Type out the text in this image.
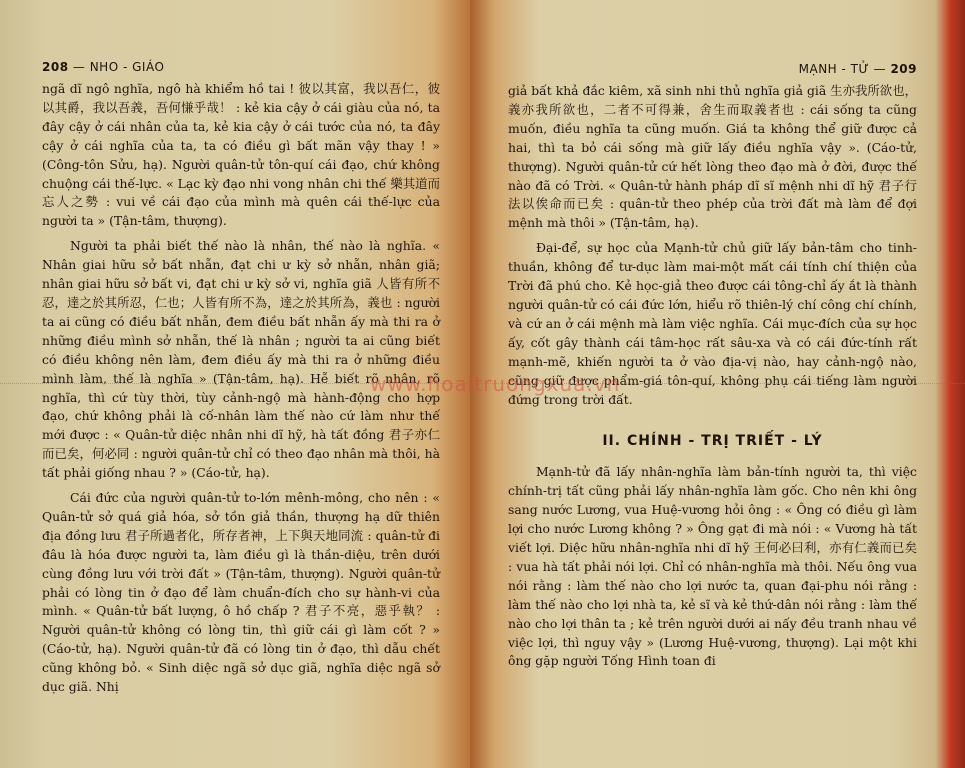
208 — NHO - GIÁO

ngã dĩ ngô nghĩa, ngô hà khiểm hồ tai ! 彼以其富，我以吾仁，彼以其爵，我以吾義，吾何慊乎哉！ : kẻ kia cậy ở cái giàu của nó, ta đây cậy ở cái nhân của ta, kẻ kia cậy ở cái tước của nó, ta đây cậy ở cái nghĩa của ta, ta có điều gì bất mãn vậy thay ! » (Công-tôn Sửu, hạ). Người quân-tử tôn-quí cái đạo, chứ không chuộng cái thế-lực. « Lạc kỳ đạo nhi vong nhân chi thế 樂其道而忘人之勢 : vui về cái đạo của mình mà quên cái thế-lực của người ta » (Tận-tâm, thượng).

Người ta phải biết thế nào là nhân, thế nào là nghĩa. « Nhân giai hữu sở bất nhẫn, đạt chi ư kỳ sở nhẫn, nhân giã; nhân giai hữu sở bất vi, đạt chi ư kỳ sở vi, nghĩa giã 人皆有所不忍，達之於其所忍，仁也；人皆有所不為，達之於其所為，義也 : người ta ai cũng có điều bất nhẫn, đem điều bất nhẫn ấy mà thi ra ở những điều mình sở nhẫn, thế là nhân ; người ta ai cũng biết có điều không nên làm, đem điều ấy mà thi ra ở những điều mình làm, thế là nghĩa » (Tận-tâm, hạ). Hễ biết rõ nhân, rõ nghĩa, thì cứ tùy thời, tùy cảnh-ngộ mà hành-động cho hợp đạo, chứ không phải là cố-nhân làm thế nào cứ làm như thế mới được : « Quân-tử diệc nhân nhi dĩ hỹ, hà tất đồng 君子亦仁而已矣，何必同 : người quân-tử chỉ có theo đạo nhân mà thôi, hà tất phải giống nhau ? » (Cáo-tử, hạ).

Cái đức của người quân-tử to-lớn mênh-mông, cho nên : « Quân-tử sở quá giả hóa, sở tồn giả thần, thượng hạ dữ thiên địa đồng lưu 君子所過者化，所存者神，上下與天地同流 : quân-tử đi đâu là hóa được người ta, làm điều gì là thần-diệu, trên dưới cùng đồng lưu với trời đất » (Tận-tâm, thượng). Người quân-tử phải có lòng tin ở đạo để làm chuẩn-đích cho sự hành-vi của mình. « Quân-tử bất lượng, ô hồ chấp ? 君子不亮，惡乎執？ : Người quân-tử không có lòng tin, thì giữ cái gì làm cốt ? » (Cáo-tử, hạ). Người quân-tử đã có lòng tin ở đạo, thì dẫu chết cũng không bỏ. « Sinh diệc ngã sở dục giã, nghĩa diệc ngã sở dục giã. Nhị

MẠNH - TỬ — 209

giả bất khả đắc kiêm, xã sinh nhi thủ nghĩa giả giã 生亦我所欲也，義亦我所欲也，二者不可得兼，舍生而取義者也 : cái sống ta cũng muốn, điều nghĩa ta cũng muốn. Giá ta không thể giữ được cả hai, thì ta bỏ cái sống mà giữ lấy điều nghĩa vậy ». (Cáo-tử, thượng). Người quân-tử cứ hết lòng theo đạo mà ở đời, được thế nào đã có Trời. « Quân-tử hành pháp dĩ sĩ mệnh nhi dĩ hỹ 君子行法以俟命而已矣 : quân-tử theo phép của trời đất mà làm để đợi mệnh mà thôi » (Tận-tâm, hạ).

Đại-để, sự học của Mạnh-tử chủ giữ lấy bản-tâm cho tinh-thuần, không để tư-dục làm mai-một mất cái tính chí thiện của Trời đã phú cho. Kẻ học-giả theo được cái tông-chỉ ấy ắt là thành người quân-tử có cái đức lớn, hiểu rõ thiên-lý chí công chí chính, và cứ an ở cái mệnh mà làm việc nghĩa. Cái mục-đích của sự học ấy, cốt gây thành cái tâm-học rất sâu-xa và có cái đức-tính rất mạnh-mẽ, khiến người ta ở vào địa-vị nào, hay cảnh-ngộ nào, cũng giữ được phẩm-giá tôn-quí, không phụ cái tiếng làm người đứng trong trời đất.

II. CHÍNH - TRỊ TRIẾT - LÝ

Mạnh-tử đã lấy nhân-nghĩa làm bản-tính người ta, thì việc chính-trị tất cũng phải lấy nhân-nghĩa làm gốc. Cho nên khi ông sang nước Lương, vua Huệ-vương hỏi ông : « Ông có điều gì làm lợi cho nước Lương không ? » Ông gạt đi mà nói : « Vương hà tất viết lợi. Diệc hữu nhân-nghĩa nhi dĩ hỹ 王何必曰利，亦有仁義而已矣 : vua hà tất phải nói lợi. Chỉ có nhân-nghĩa mà thôi. Nếu ông vua nói rằng : làm thế nào cho lợi nước ta, quan đại-phu nói rằng : làm thế nào cho lợi nhà ta, kẻ sĩ và kẻ thứ-dân nói rằng : làm thế nào cho lợi thân ta ; kẻ trên người dưới ai nấy đều tranh nhau về việc lợi, thì nguy vậy » (Lương Huệ-vương, thượng). Lại một khi ông gặp người Tống Hình toan đi

www.hoaitruongxua.vn
